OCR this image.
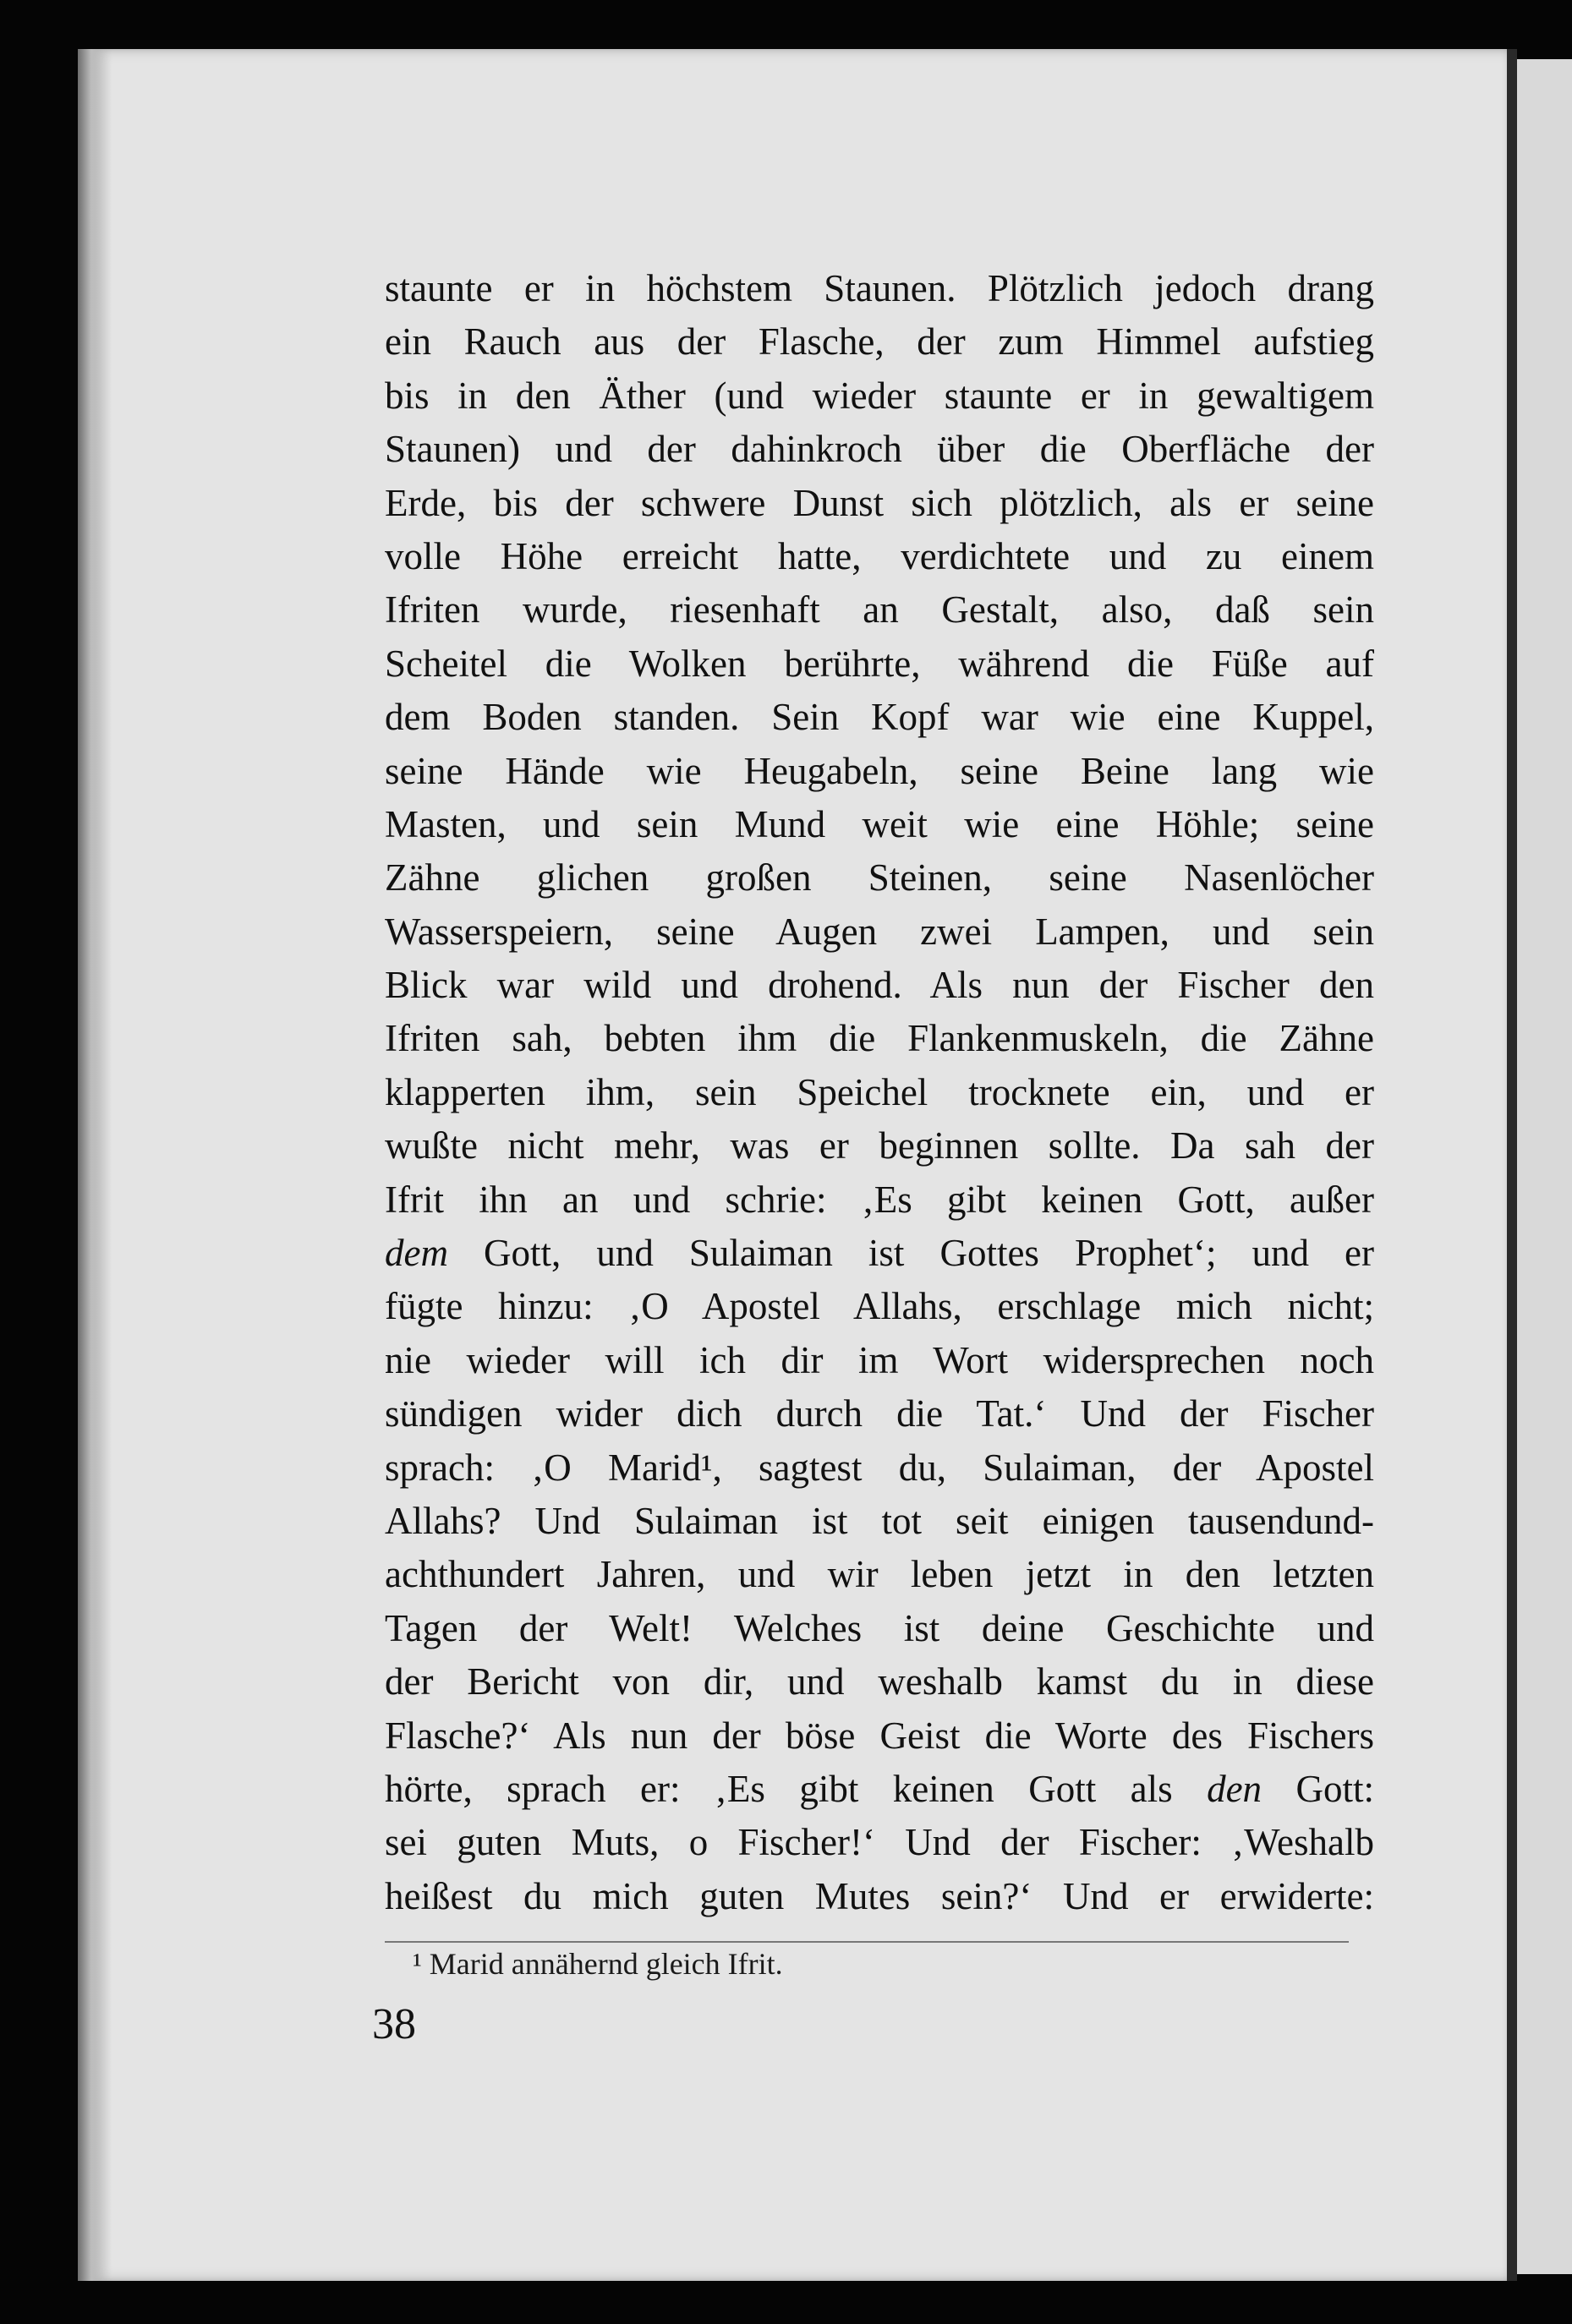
staunte er in höchstem Staunen. Plötzlich jedoch drang
ein Rauch aus der Flasche, der zum Himmel aufstieg
bis in den Äther (und wieder staunte er in gewaltigem
Staunen) und der dahinkroch über die Oberfläche der
Erde, bis der schwere Dunst sich plötzlich, als er seine
volle Höhe erreicht hatte, verdichtete und zu einem
Ifriten wurde, riesenhaft an Gestalt, also, daß sein
Scheitel die Wolken berührte, während die Füße auf
dem Boden standen. Sein Kopf war wie eine Kuppel,
seine Hände wie Heugabeln, seine Beine lang wie
Masten, und sein Mund weit wie eine Höhle; seine
Zähne glichen großen Steinen, seine Nasenlöcher
Wasserspeiern, seine Augen zwei Lampen, und sein
Blick war wild und drohend. Als nun der Fischer den
Ifriten sah, bebten ihm die Flankenmuskeln, die Zähne
klapperten ihm, sein Speichel trocknete ein, und er
wußte nicht mehr, was er beginnen sollte. Da sah der
Ifrit ihn an und schrie: ‚Es gibt keinen Gott, außer
dem Gott, und Sulaiman ist Gottes Prophet‘; und er
fügte hinzu: ‚O Apostel Allahs, erschlage mich nicht;
nie wieder will ich dir im Wort widersprechen noch
sündigen wider dich durch die Tat.‘ Und der Fischer
sprach: ‚O Marid¹, sagtest du, Sulaiman, der Apostel
Allahs? Und Sulaiman ist tot seit einigen tausendund-
achthundert Jahren, und wir leben jetzt in den letzten
Tagen der Welt! Welches ist deine Geschichte und
der Bericht von dir, und weshalb kamst du in diese
Flasche?‘ Als nun der böse Geist die Worte des Fischers
hörte, sprach er: ‚Es gibt keinen Gott als den Gott:
sei guten Muts, o Fischer!‘ Und der Fischer: ‚Weshalb
heißest du mich guten Mutes sein?‘ Und er erwiderte:
¹ Marid annähernd gleich Ifrit.
38
